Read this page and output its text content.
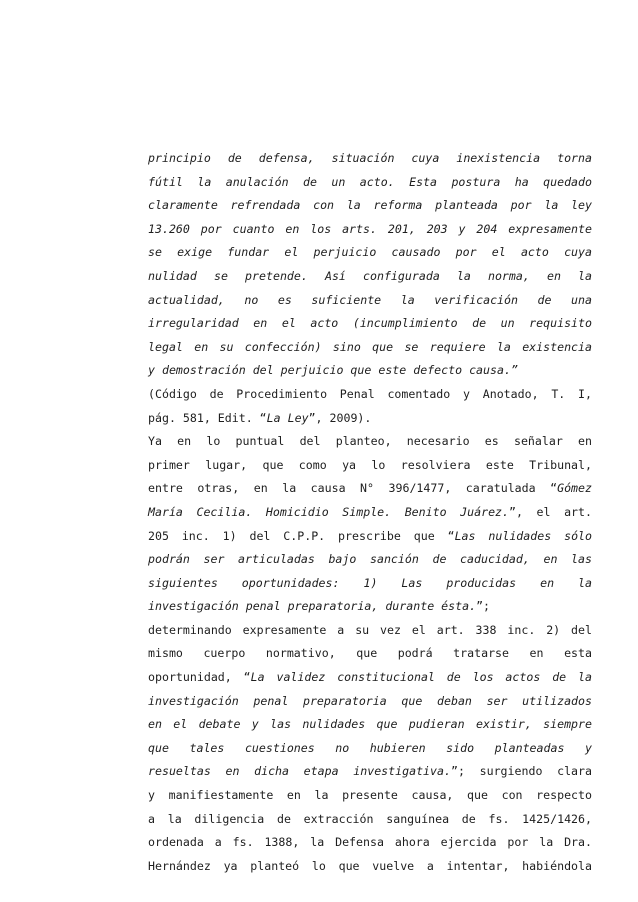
principio de defensa, situación cuya inexistencia torna
fútil la anulación de un acto. Esta postura ha quedado
claramente refrendada con la reforma planteada por la ley
13.260 por cuanto en los arts. 201, 203 y 204 expresamente
se exige fundar el perjuicio causado por el acto cuya
nulidad se pretende. Así configurada la norma, en la
actualidad, no es suficiente la verificación de una
irregularidad en el acto (incumplimiento de un requisito
legal en su confección) sino que se requiere la existencia
y demostración del perjuicio que este defecto causa.”
(Código de Procedimiento Penal comentado y Anotado, T. I,
pág. 581, Edit. “La Ley”, 2009).
Ya en lo puntual del planteo, necesario es señalar en
primer lugar, que como ya lo resolviera este Tribunal,
entre otras, en la causa N° 396/1477, caratulada “Gómez
María Cecilia. Homicidio Simple. Benito Juárez.”, el art.
205 inc. 1) del C.P.P. prescribe que “Las nulidades sólo
podrán ser articuladas bajo sanción de caducidad, en las
siguientes oportunidades: 1) Las producidas en la
investigación penal preparatoria, durante ésta.”;
determinando expresamente a su vez el art. 338 inc. 2) del
mismo cuerpo normativo, que podrá tratarse en esta
oportunidad, “La validez constitucional de los actos de la
investigación penal preparatoria que deban ser utilizados
en el debate y las nulidades que pudieran existir, siempre
que tales cuestiones no hubieren sido planteadas y
resueltas en dicha etapa investigativa.”; surgiendo clara
y manifiestamente en la presente causa, que con respecto
a la diligencia de extracción sanguínea de fs. 1425/1426,
ordenada a fs. 1388, la Defensa ahora ejercida por la Dra.
Hernández ya planteó lo que vuelve a intentar, habiéndola
